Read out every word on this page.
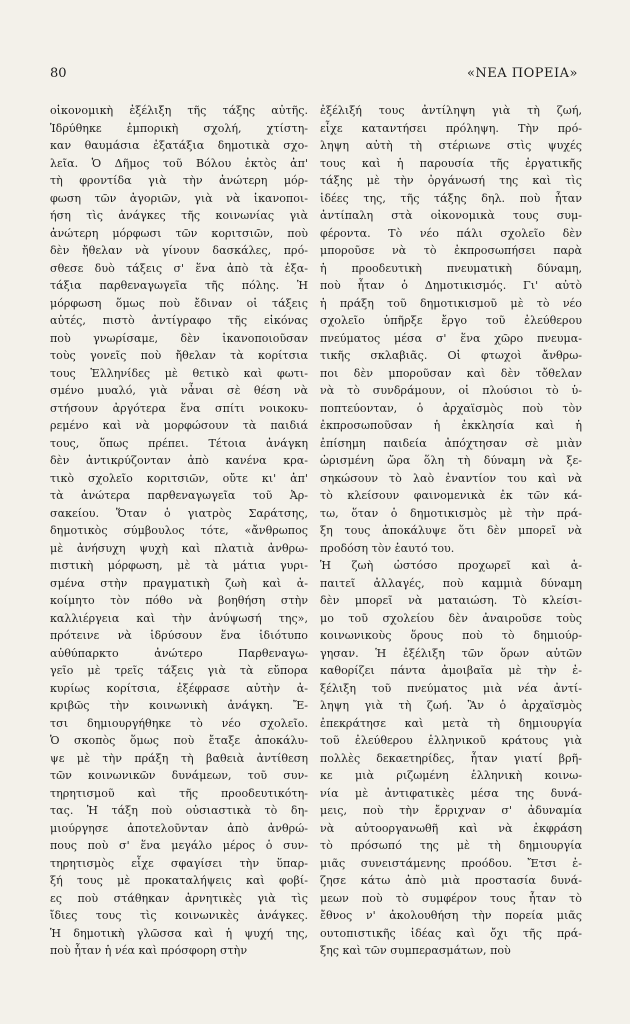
80	«ΝΕΑ ΠΟΡΕΙΑ»
οἰκονομικὴ ἐξέλιξη τῆς τάξης αὐτῆς.
Ἱδρύθηκε ἐμπορικὴ σχολή, χτίστη-
καν θαυμάσια ἐξατάξια δημοτικὰ σχο-
λεῖα. Ὁ Δῆμος τοῦ Βόλου ἐκτὸς ἀπ'
τὴ φροντίδα γιὰ τὴν ἀνώτερη μόρ-
φωση τῶν ἀγοριῶν, γιὰ νὰ ἱκανοποι-
ήση τὶς ἀνάγκες τῆς κοινωνίας γιὰ
ἀνώτερη μόρφωσι τῶν κοριτσιῶν, ποὺ
δὲν ἤθελαν νὰ γίνουν δασκάλες, πρό-
σθεσε δυὸ τάξεις σ' ἕνα ἀπὸ τὰ ἐξα-
τάξια παρθεναγωγεῖα τῆς πόλης. Ἡ
μόρφωση ὅμως ποὺ ἔδιναν οἱ τάξεις
αὐτές, πιστὸ ἀντίγραφο τῆς εἰκόνας
ποὺ γνωρίσαμε, δὲν ἱκανοποιοῦσαν
τοὺς γονεῖς ποὺ ἤθελαν τὰ κορίτσια
τους Ἑλληνίδες μὲ θετικὸ καὶ φωτι-
σμένο μυαλό, γιὰ νἆναι σὲ θέση νὰ
στήσουν ἀργότερα ἕνα σπίτι νοικοκυ-
ρεμένο καὶ νὰ μορφώσουν τὰ παιδιά
τους, ὅπως πρέπει. Τέτοια ἀνάγκη
δὲν ἀντικρύζονταν ἀπὸ κανένα κρα-
τικὸ σχολεῖο κοριτσιῶν, οὔτε κι' ἀπ'
τὰ ἀνώτερα παρθεναγωγεῖα τοῦ Ἀρ-
σακείου. Ὅταν ὁ γιατρὸς Σαράτσης,
δημοτικὸς σύμβουλος τότε, «ἄνθρωπος
μὲ ἀνήσυχη ψυχὴ καὶ πλατιὰ ἀνθρω-
πιστικὴ μόρφωση, μὲ τὰ μάτια γυρι-
σμένα στὴν πραγματικὴ ζωὴ καὶ ἀ-
κοίμητο τὸν πόθο νὰ βοηθήση στὴν
καλλιέργεια καὶ τὴν ἀνύψωσή της»,
πρότεινε νὰ ἱδρύσουν ἕνα ἰδιότυπο
αὐθύπαρκτο ἀνώτερο Παρθεναγω-
γεῖο μὲ τρεῖς τάξεις γιὰ τὰ εὔπορα
κυρίως κορίτσια, ἐξέφρασε αὐτὴν ἀ-
κριβῶς τὴν κοινωνικὴ ἀνάγκη. Ἔ-
τσι δημιουργήθηκε τὸ νέο σχολεῖο.
Ὁ σκοπὸς ὅμως ποὺ ἔταξε ἀποκάλυ-
ψε μὲ τὴν πράξη τὴ βαθειὰ ἀντίθεση
τῶν κοινωνικῶν δυνάμεων, τοῦ συν-
τηρητισμοῦ καὶ τῆς προοδευτικότη-
τας. Ἡ τάξη ποὺ οὐσιαστικὰ τὸ δη-
μιούργησε ἀποτελοῦνταν ἀπὸ ἀνθρώ-
πους ποὺ σ' ἕνα μεγάλο μέρος ὁ συν-
τηρητισμὸς εἶχε σφαγίσει τὴν ὕπαρ-
ξή τους μὲ προκαταλήψεις καὶ φοβί-
ες ποὺ στάθηκαν ἀρνητικὲς γιὰ τὶς
ἴδιες τους τὶς κοινωνικὲς ἀνάγκες.
Ἡ δημοτικὴ γλῶσσα καὶ ἡ ψυχή της,
ποὺ ἦταν ἡ νέα καὶ πρόσφορη στὴν
ἐξέλιξή τους ἀντίληψη γιὰ τὴ ζωή,
εἶχε καταντήσει πρόληψη. Τὴν πρό-
ληψη αὐτὴ τὴ στέριωνε στὶς ψυχές
τους καὶ ἡ παρουσία τῆς ἐργατικῆς
τάξης μὲ τὴν ὀργάνωσή της καὶ τὶς
ἰδέες της, τῆς τάξης δηλ. ποὺ ἦταν
ἀντίπαλη στὰ οἰκονομικὰ τους συμ-
φέροντα. Τὸ νέο πάλι σχολεῖο δὲν
μποροῦσε νὰ τὸ ἐκπροσωπήσει παρὰ
ἡ προοδευτικὴ πνευματικὴ δύναμη,
ποὺ ἦταν ὁ Δημοτικισμός. Γι' αὐτὸ
ἡ πράξη τοῦ δημοτικισμοῦ μὲ τὸ νέο
σχολεῖο ὑπῆρξε ἔργο τοῦ ἐλεύθερου
πνεύματος μέσα σ' ἕνα χῶρο πνευμα-
τικῆς σκλαβιᾶς. Οἱ φτωχοὶ ἄνθρω-
ποι δὲν μποροῦσαν καὶ δὲν τὄθελαν
νὰ τὸ συνδράμουν, οἱ πλούσιοι τὸ ὑ-
ποπτεύονταν, ὁ ἀρχαϊσμὸς ποὺ τὸν
ἐκπροσωποῦσαν ἡ ἐκκλησία καὶ ἡ
ἐπίσημη παιδεία ἀπόχτησαν σὲ μιὰν
ὡρισμένη ὥρα ὅλη τὴ δύναμη νὰ ξε-
σηκώσουν τὸ λαὸ ἐναντίον του καὶ νὰ
τὸ κλείσουν φαινομενικὰ ἐκ τῶν κά-
τω, ὅταν ὁ δημοτικισμὸς μὲ τὴν πρά-
ξη τους ἀποκάλυψε ὅτι δὲν μπορεῖ νὰ
προδόση τὸν ἑαυτό του.
Ἡ ζωὴ ὡστόσο προχωρεῖ καὶ ἀ-
παιτεῖ ἀλλαγές, ποὺ καμμιὰ δύναμη
δὲν μπορεῖ νὰ ματαιώση. Τὸ κλείσι-
μο τοῦ σχολείου δὲν ἀναιροῦσε τοὺς
κοινωνικοὺς ὅρους ποὺ τὸ δημιούρ-
γησαν. Ἡ ἐξέλιξη τῶν ὅρων αὐτῶν
καθορίζει πάντα ἀμοιβαῖα μὲ τὴν ἐ-
ξέλιξη τοῦ πνεύματος μιὰ νέα ἀντί-
ληψη γιὰ τὴ ζωή. Ἂν ὁ ἀρχαϊσμὸς
ἐπεκράτησε καὶ μετὰ τὴ δημιουργία
τοῦ ἐλεύθερου ἑλληνικοῦ κράτους γιὰ
πολλὲς δεκαετηρίδες, ἦταν γιατί βρῆ-
κε μιὰ ριζωμένη ἑλληνικὴ κοινω-
νία μὲ ἀντιφατικὲς μέσα της δυνά-
μεις, ποὺ τὴν ἔρριχναν σ' ἀδυναμία
νὰ αὐτοοργανωθῆ καὶ νὰ ἐκφράση
τὸ πρόσωπό της μὲ τὴ δημιουργία
μιᾶς συνειστάμενης προόδου. Ἔτσι ἐ-
ζησε κάτω ἀπὸ μιὰ προστασία δυνά-
μεων ποὺ τὸ συμφέρον τους ἦταν τὸ
ἔθνος ν' ἀκολουθήση τὴν πορεία μιᾶς
ουτοπιστικῆς ἰδέας καὶ ὄχι τῆς πρά-
ξης καὶ τῶν συμπερασμάτων, ποὺ
